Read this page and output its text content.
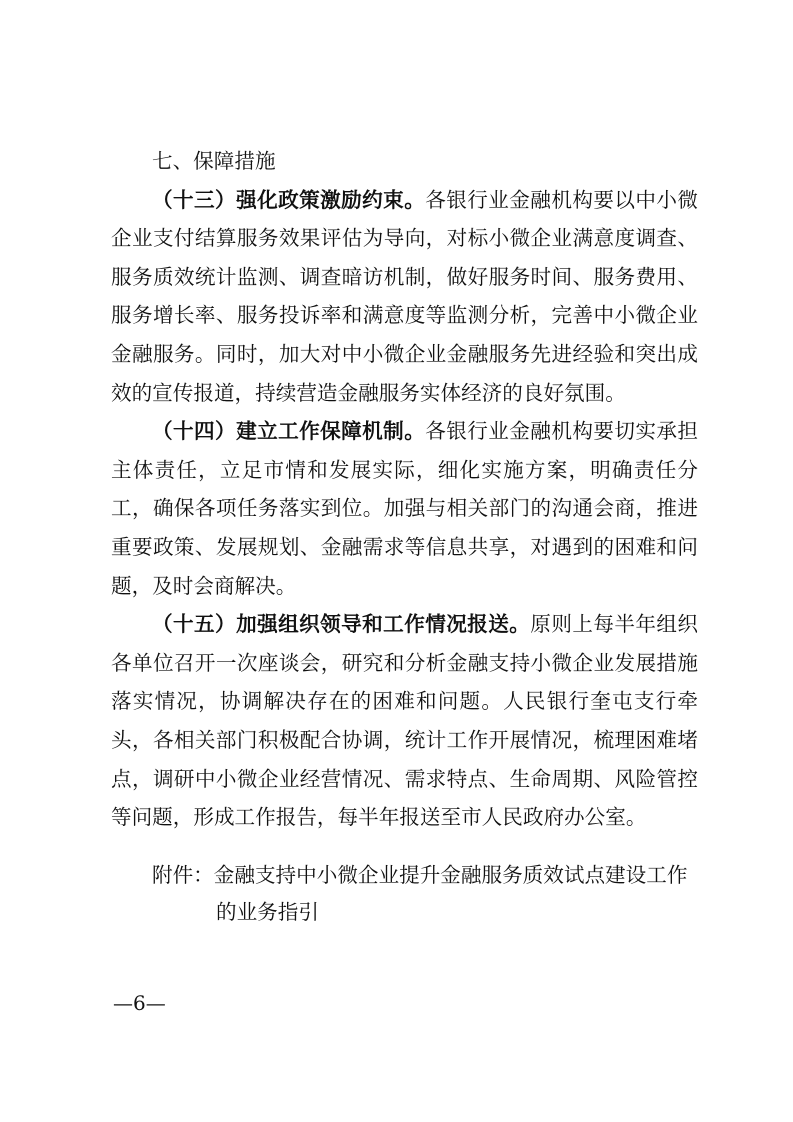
七、保障措施

（十三）强化政策激励约束。各银行业金融机构要以中小微企业支付结算服务效果评估为导向，对标小微企业满意度调查、服务质效统计监测、调查暗访机制，做好服务时间、服务费用、服务增长率、服务投诉率和满意度等监测分析，完善中小微企业金融服务。同时，加大对中小微企业金融服务先进经验和突出成效的宣传报道，持续营造金融服务实体经济的良好氛围。

（十四）建立工作保障机制。各银行业金融机构要切实承担主体责任，立足市情和发展实际，细化实施方案，明确责任分工，确保各项任务落实到位。加强与相关部门的沟通会商，推进重要政策、发展规划、金融需求等信息共享，对遇到的困难和问题，及时会商解决。

（十五）加强组织领导和工作情况报送。原则上每半年组织各单位召开一次座谈会，研究和分析金融支持小微企业发展措施落实情况，协调解决存在的困难和问题。人民银行奎屯支行牵头，各相关部门积极配合协调，统计工作开展情况，梳理困难堵点，调研中小微企业经营情况、需求特点、生命周期、风险管控等问题，形成工作报告，每半年报送至市人民政府办公室。

附件：金融支持中小微企业提升金融服务质效试点建设工作
的业务指引
—6—
